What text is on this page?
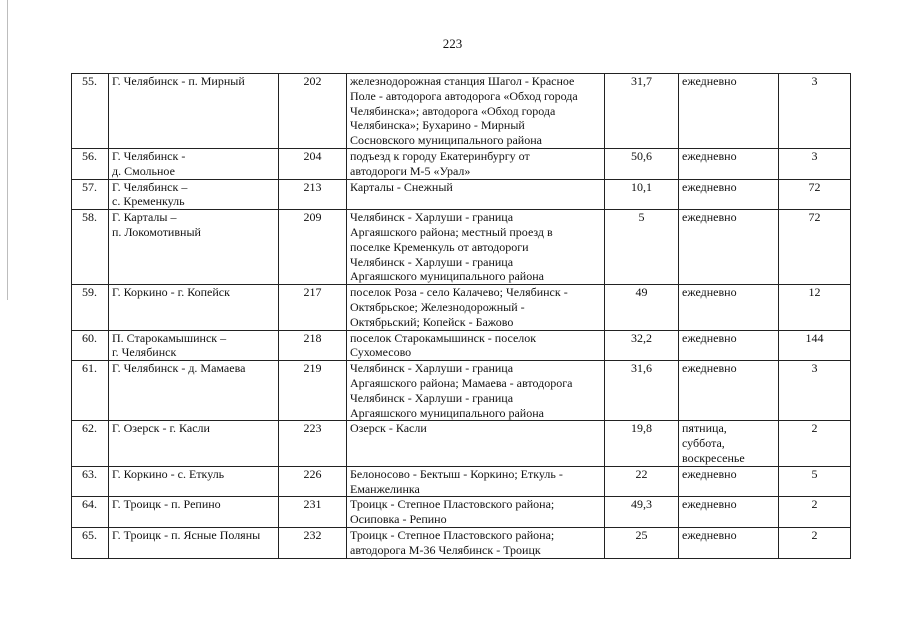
223
55.	Г. Челябинск - п. Мирный	202	железнодорожная станция Шагол - Красное
Поле - автодорога автодорога «Обход города
Челябинска»; автодорога «Обход города
Челябинска»; Бухарино - Мирный
Сосновского муниципального района	31,7	ежедневно	3
56.	Г. Челябинск -
д. Смольное	204	подъезд к городу Екатеринбургу от
автодороги М-5 «Урал»	50,6	ежедневно	3
57.	Г. Челябинск –
с. Кременкуль	213	Карталы - Снежный	10,1	ежедневно	72
58.	Г. Карталы –
п. Локомотивный	209	Челябинск - Харлуши - граница
Аргаяшского района; местный проезд в
поселке Кременкуль от автодороги
Челябинск - Харлуши - граница
Аргаяшского муниципального района	5	ежедневно	72
59.	Г. Коркино - г. Копейск	217	поселок Роза - село Калачево; Челябинск -
Октябрьское; Железнодорожный -
Октябрьский; Копейск - Бажово	49	ежедневно	12
60.	П. Старокамышинск –
г. Челябинск	218	поселок Старокамышинск - поселок
Сухомесово	32,2	ежедневно	144
61.	Г. Челябинск - д. Мамаева	219	Челябинск - Харлуши - граница
Аргаяшского района; Мамаева - автодорога
Челябинск - Харлуши - граница
Аргаяшского муниципального района	31,6	ежедневно	3
62.	Г. Озерск - г. Касли	223	Озерск - Касли	19,8	пятница,
суббота,
воскресенье	2
63.	Г. Коркино - с. Еткуль	226	Белоносово - Бектыш - Коркино; Еткуль -
Еманжелинка	22	ежедневно	5
64.	Г. Троицк - п. Репино	231	Троицк - Степное Пластовского района;
Осиповка - Репино	49,3	ежедневно	2
65.	Г. Троицк - п. Ясные Поляны	232	Троицк - Степное Пластовского района;
автодорога М-36 Челябинск - Троицк	25	ежедневно	2
